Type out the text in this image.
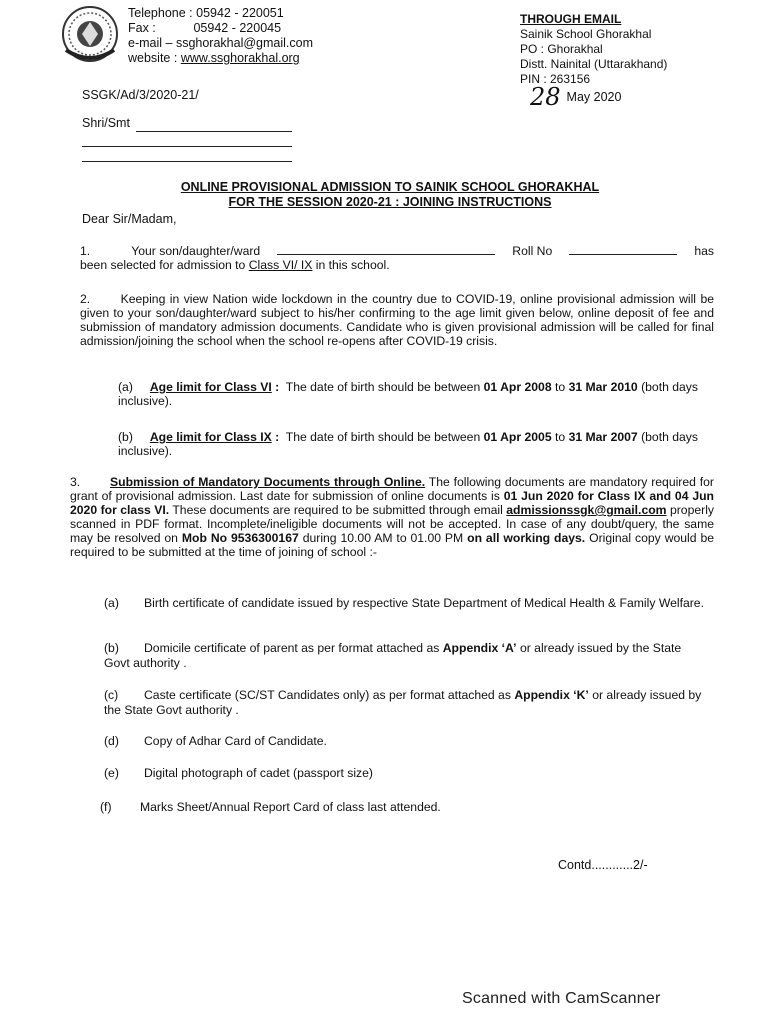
Telephone : 05942 - 220051
Fax :	05942 - 220045
e-mail – ssghorakhal@gmail.com
website : www.ssghorakhal.org
THROUGH EMAIL
Sainik School Ghorakhal
PO : Ghorakhal
Distt. Nainital (Uttarakhand)
PIN : 263156
SSGK/Ad/3/2020-21/	28 May 2020
Shri/Smt
ONLINE PROVISIONAL ADMISSION TO SAINIK SCHOOL GHORAKHAL
FOR THE SESSION 2020-21 : JOINING INSTRUCTIONS
Dear Sir/Madam,
1.	Your son/daughter/ward	Roll No	has
been selected for admission to Class VI/ IX in this school.
2. Keeping in view Nation wide lockdown in the country due to COVID-19, online provisional admission will be given to your son/daughter/ward subject to his/her confirming to the age limit given below, online deposit of fee and submission of mandatory admission documents. Candidate who is given provisional admission will be called for final admission/joining the school when the school re-opens after COVID-19 crisis.
(a) Age limit for Class VI : The date of birth should be between 01 Apr 2008 to 31 Mar 2010 (both days inclusive).
(b) Age limit for Class IX : The date of birth should be between 01 Apr 2005 to 31 Mar 2007 (both days inclusive).
3. Submission of Mandatory Documents through Online. The following documents are mandatory required for grant of provisional admission. Last date for submission of online documents is 01 Jun 2020 for Class IX and 04 Jun 2020 for class VI. These documents are required to be submitted through email admissionssgk@gmail.com properly scanned in PDF format. Incomplete/ineligible documents will not be accepted. In case of any doubt/query, the same may be resolved on Mob No 9536300167 during 10.00 AM to 01.00 PM on all working days. Original copy would be required to be submitted at the time of joining of school :-
(a) Birth certificate of candidate issued by respective State Department of Medical Health & Family Welfare.
(b) Domicile certificate of parent as per format attached as Appendix ‘A’ or already issued by the State Govt authority .
(c) Caste certificate (SC/ST Candidates only) as per format attached as Appendix ‘K’ or already issued by the State Govt authority .
(d) Copy of Adhar Card of Candidate.
(e) Digital photograph of cadet (passport size)
(f) Marks Sheet/Annual Report Card of class last attended.
Contd............2/-
Scanned with CamScanner
